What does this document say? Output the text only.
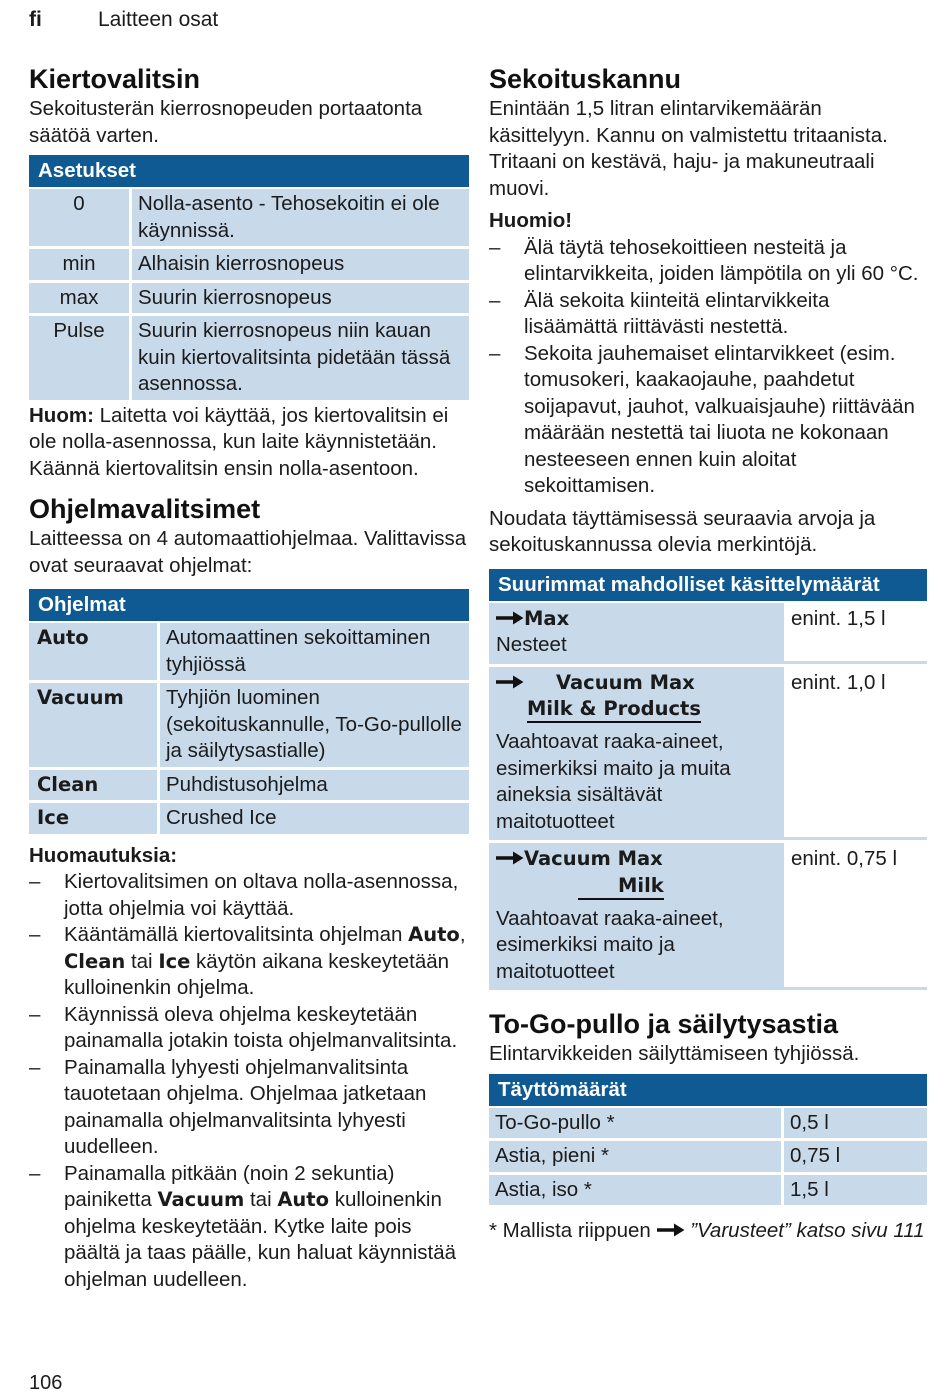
fi	Laitteen osat
Kiertovalitsin

Sekoitusterän kierrosnopeuden portaatonta säätöä varten.

Asetukset
0	Nolla-asento - Tehosekoitin ei ole käynnissä.
min	Alhaisin kierrosnopeus
max	Suurin kierrosnopeus
Pulse	Suurin kierrosnopeus niin kauan kuin kiertovalitsinta pidetään tässä asennossa.

Huom: Laitetta voi käyttää, jos kiertovalitsin ei ole nolla-asennossa, kun laite käynnistetään. Käännä kiertovalitsin ensin nolla-asentoon.

Ohjelmavalitsimet

Laitteessa on 4 automaattiohjelmaa. Valittavissa ovat seuraavat ohjelmat:

Ohjelmat
Auto	Automaattinen sekoittaminen tyhjiössä
Vacuum	Tyhjiön luominen (sekoituskannulle, To-Go-pullolle ja säilytysastialle)
Clean	Puhdistusohjelma
Ice	Crushed Ice

Huomautuksia:

– Kiertovalitsimen on oltava nolla-asennossa, jotta ohjelmia voi käyttää.
– Kääntämällä kiertovalitsinta ohjelman Auto, Clean tai Ice käytön aikana keskeytetään kulloinenkin ohjelma.
– Käynnissä oleva ohjelma keskeytetään painamalla jotakin toista ohjelmanvalitsinta.
– Painamalla lyhyesti ohjelmanvalitsinta tauotetaan ohjelma. Ohjelmaa jatketaan painamalla ohjelmanvalitsinta lyhyesti uudelleen.
– Painamalla pitkään (noin 2 sekuntia) painiketta Vacuum tai Auto kulloinenkin ohjelma keskeytetään. Kytke laite pois päältä ja taas päälle, kun haluat käynnistää ohjelman uudelleen.
Sekoituskannu

Enintään 1,5 litran elintarvikemäärän käsittelyyn. Kannu on valmistettu tritaanista. Tritaani on kestävä, haju- ja makuneutraali muovi.

Huomio!

– Älä täytä tehosekoittieen nesteitä ja elintarvikkeita, joiden lämpötila on yli 60 °C.
– Älä sekoita kiinteitä elintarvikkeita lisäämättä riittävästi nestettä.
– Sekoita jauhemaiset elintarvikkeet (esim. tomusokeri, kaakaojauhe, paahdetut soijapavut, jauhot, valkuaisjauhe) riittävään määrään nestettä tai liuota ne kokonaan nesteeseen ennen kuin aloitat sekoittamisen.

Noudata täyttämisessä seuraavia arvoja ja sekoituskannussa olevia merkintöjä.

Suurimmat mahdolliset käsittelymäärät
Max
Nesteet	enint. 1,5 l

Vacuum Max
Milk & Products
Vaahtoavat raaka-aineet, esimerkiksi maito ja muita aineksia sisältävät maitotuotteet	enint. 1,0 l

Vacuum Max
Milk
Vaahtoavat raaka-aineet, esimerkiksi maito ja maitotuotteet	enint. 0,75 l
To-Go-pullo ja säilytysastia

Elintarvikkeiden säilyttämiseen tyhjiössä.

Täyttömäärät
To-Go-pullo *	0,5 l
Astia, pieni *	0,75 l
Astia, iso *	1,5 l

* Mallista riippuen  ”Varusteet” katso sivu 111

106
